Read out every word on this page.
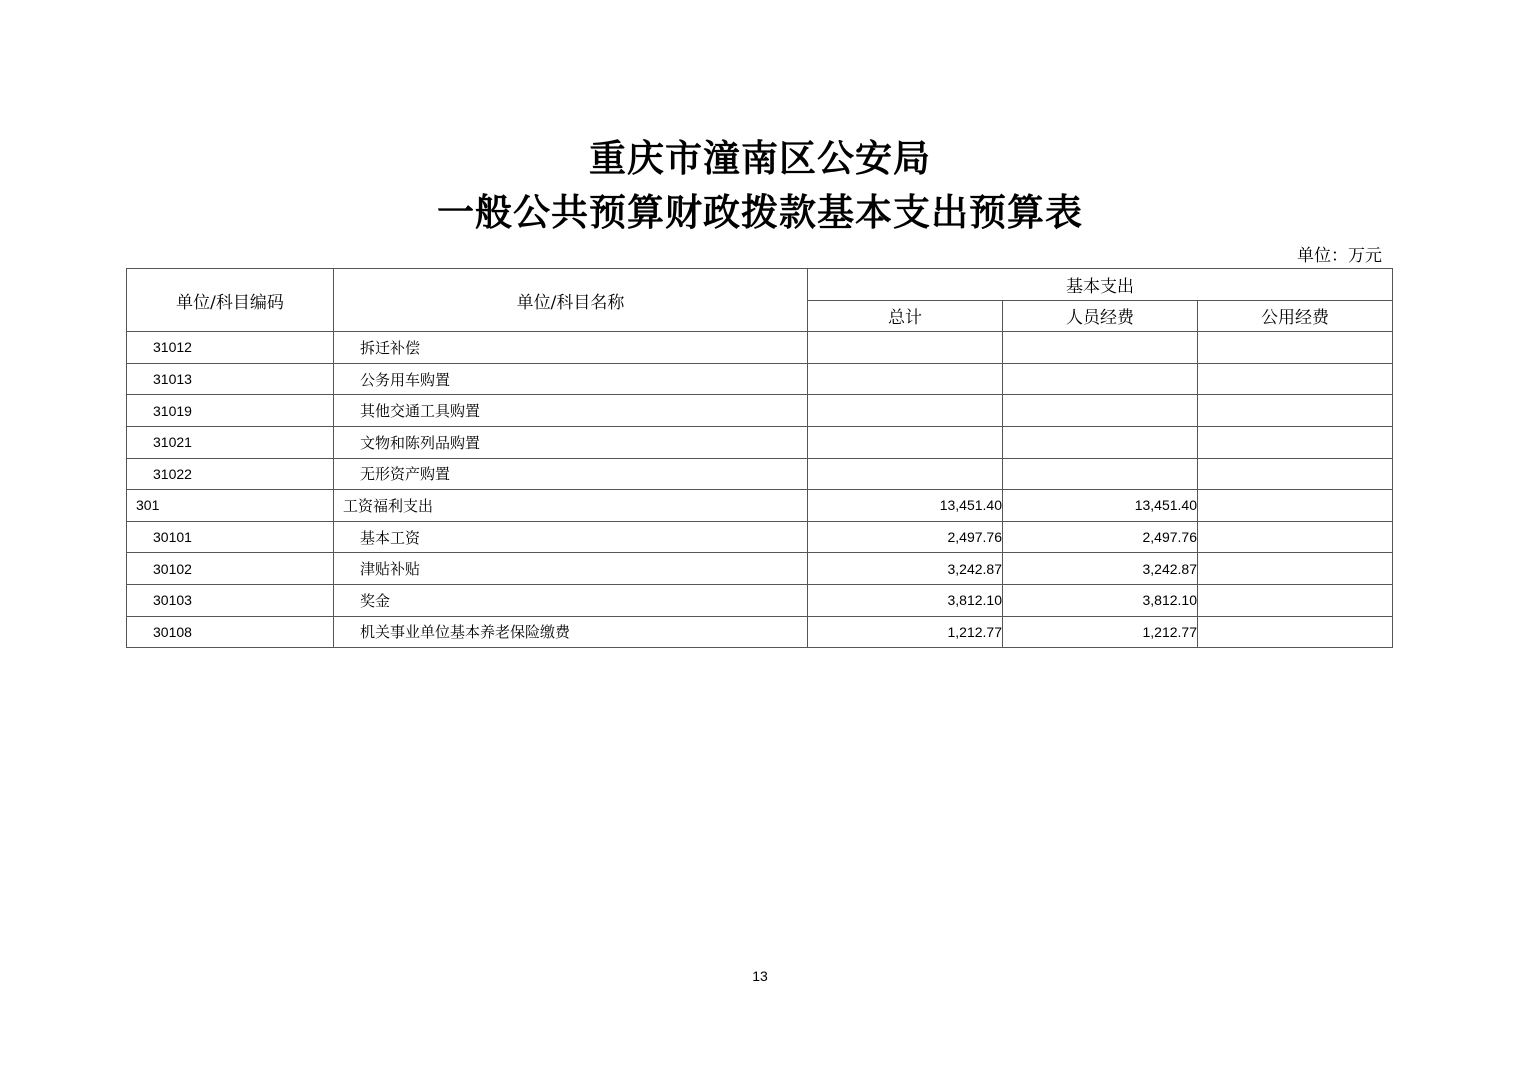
重庆市潼南区公安局
一般公共预算财政拨款基本支出预算表
单位：万元
单位/科目编码	单位/科目名称	基本支出		
		总计	人员经费	公用经费
31012	拆迁补偿			
31013	公务用车购置			
31019	其他交通工具购置			
31021	文物和陈列品购置			
31022	无形资产购置			
301	工资福利支出	13,451.40	13,451.40	
30101	基本工资	2,497.76	2,497.76	
30102	津贴补贴	3,242.87	3,242.87	
30103	奖金	3,812.10	3,812.10	
30108	机关事业单位基本养老保险缴费	1,212.77	1,212.77	
13
